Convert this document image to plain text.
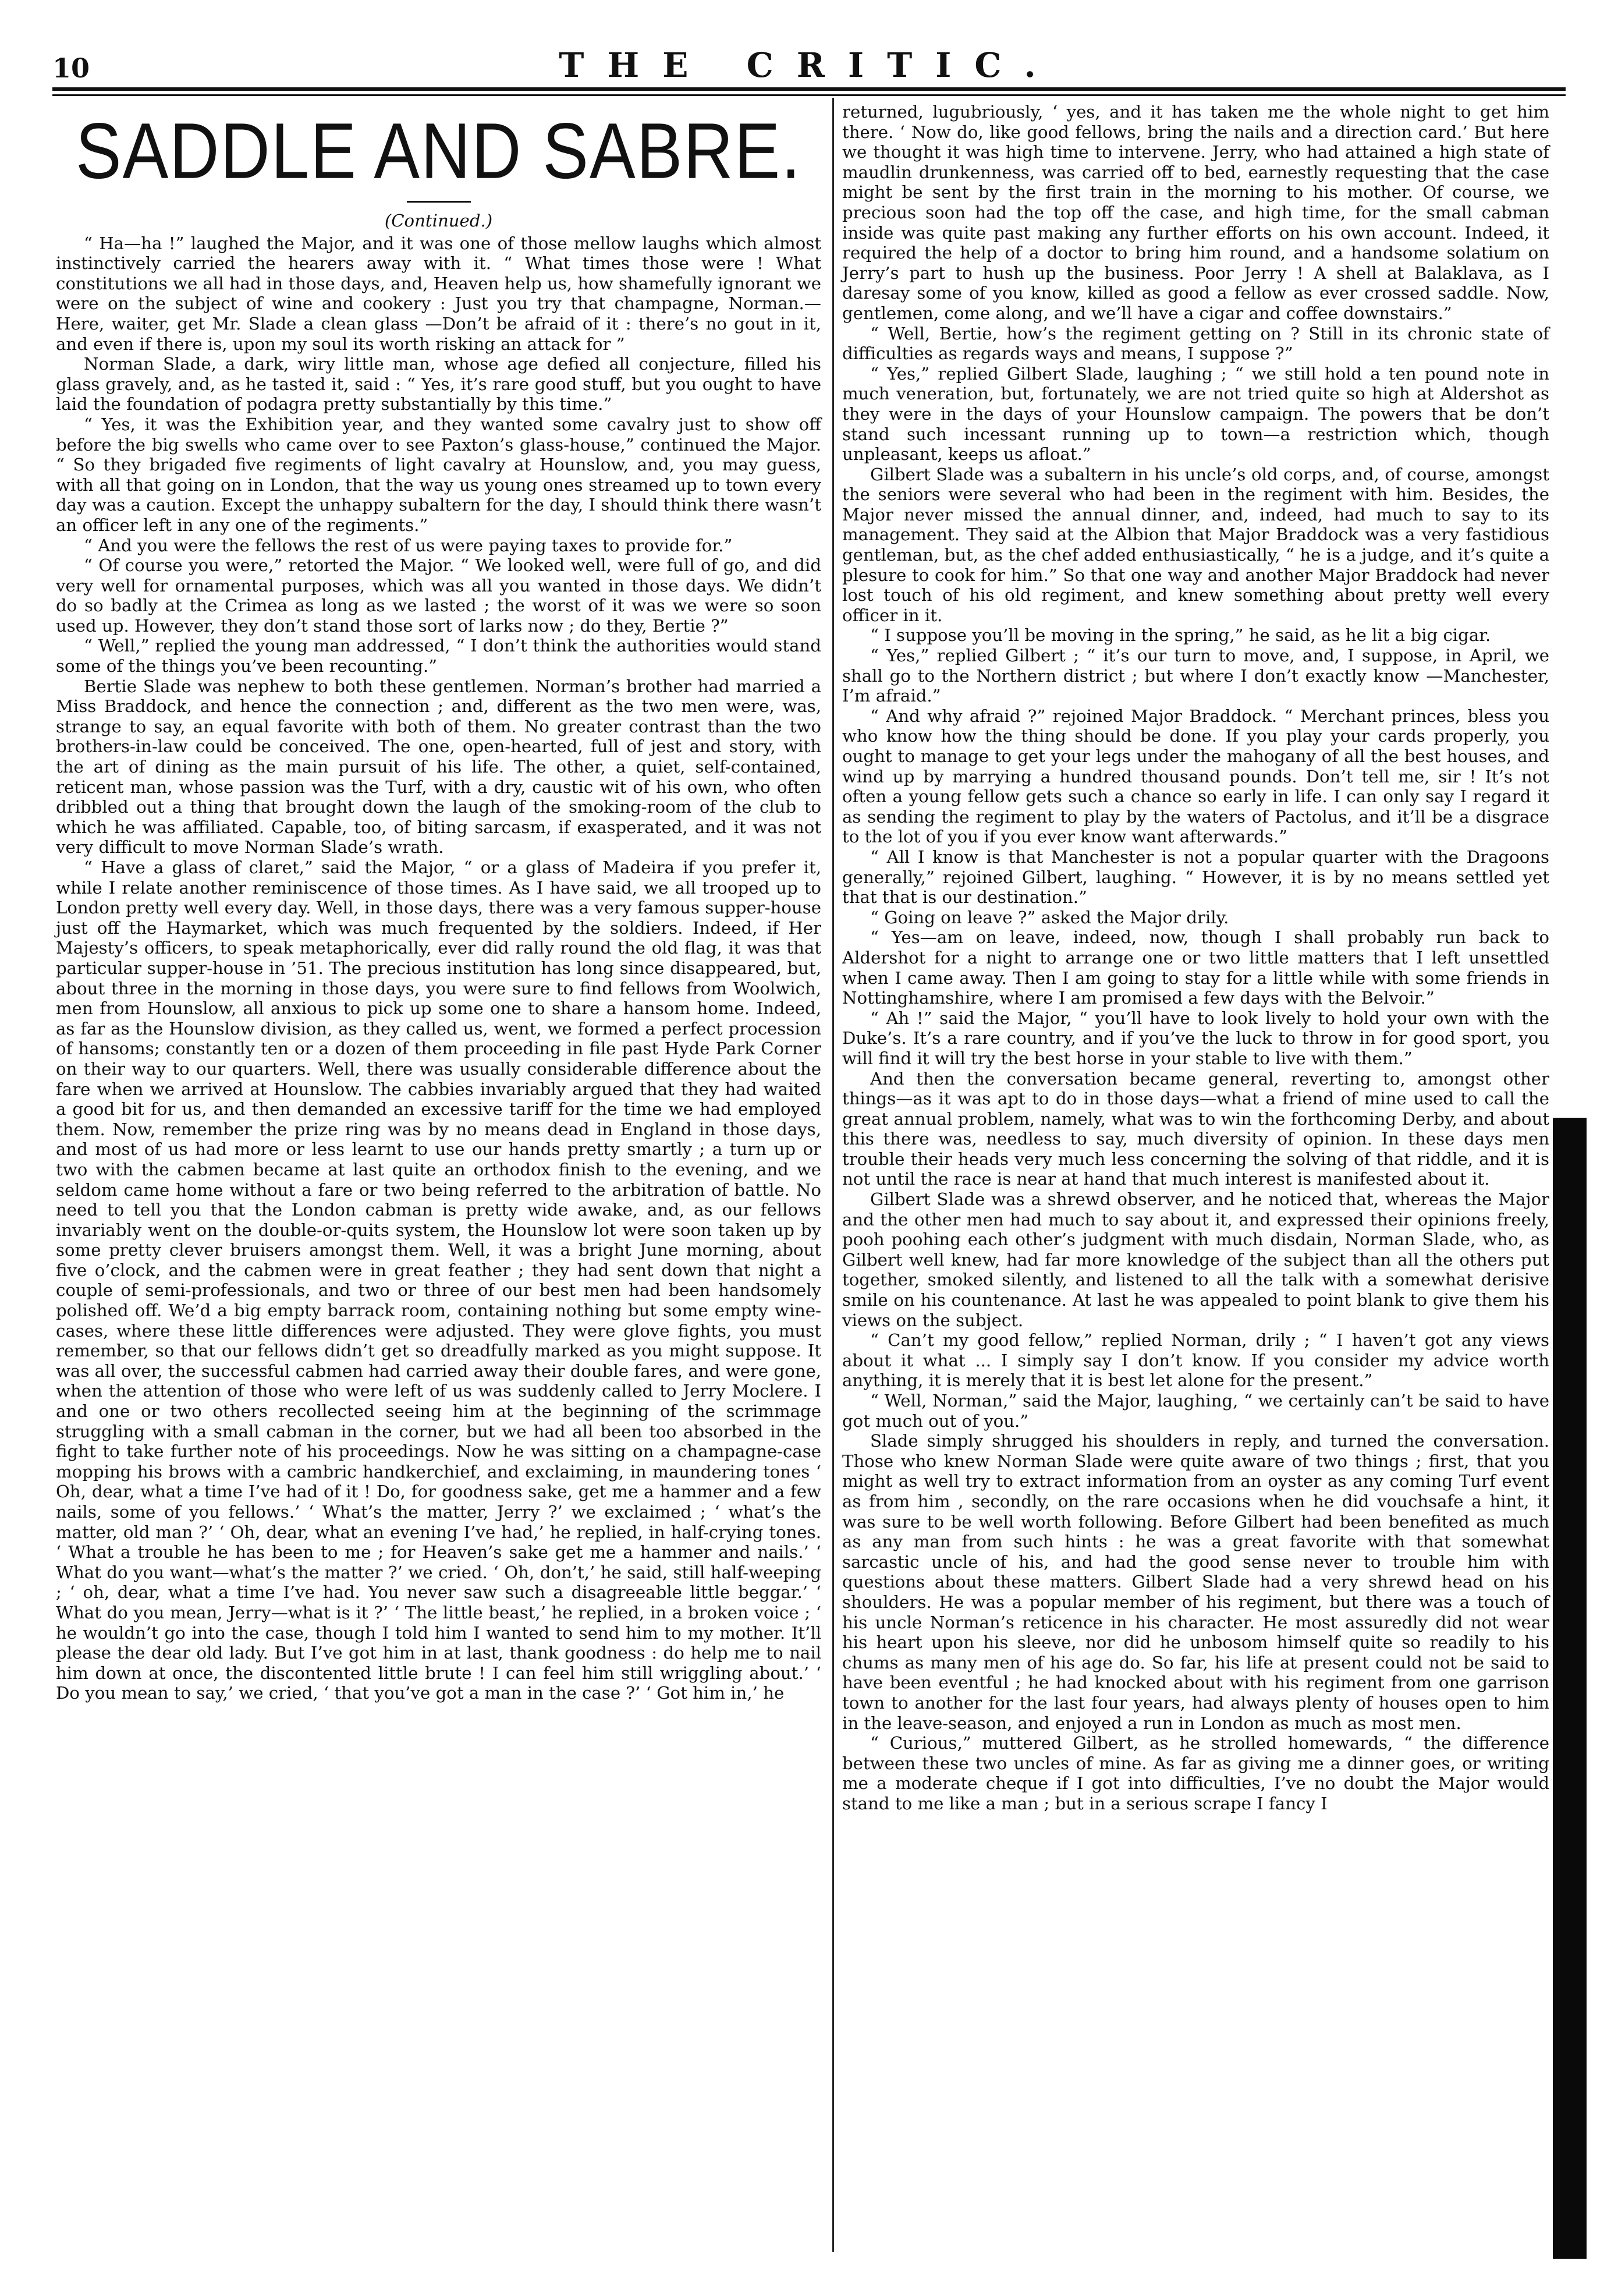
10	THE CRITIC.
SADDLE AND SABRE.
(Continued.)

“ Ha—ha !” laughed the Major, and it was one of those mellow laughs which almost instinctively carried the hearers away with it. “ What times those were ! What constitutions we all had in those days, and, Heaven help us, how shamefully ignorant we were on the subject of wine and cookery : Just you try that champagne, Norman.— Here, waiter, get Mr. Slade a clean glass —Don’t be afraid of it : there’s no gout in it, and even if there is, upon my soul its worth risking an attack for ”

Norman Slade, a dark, wiry little man, whose age defied all conjecture, filled his glass gravely, and, as he tasted it, said : “ Yes, it’s rare good stuff, but you ought to have laid the foundation of podagra pretty substantially by this time.”

“ Yes, it was the Exhibition year, and they wanted some cavalry just to show off before the big swells who came over to see Paxton’s glass-house,” continued the Major. “ So they brigaded five regiments of light cavalry at Hounslow, and, you may guess, with all that going on in London, that the way us young ones streamed up to town every day was a caution. Except the unhappy subaltern for the day, I should think there wasn’t an officer left in any one of the regiments.”

“ And you were the fellows the rest of us were paying taxes to provide for.”

“ Of course you were,” retorted the Major. “ We looked well, were full of go, and did very well for ornamental purposes, which was all you wanted in those days. We didn’t do so badly at the Crimea as long as we lasted ; the worst of it was we were so soon used up. However, they don’t stand those sort of larks now ; do they, Bertie ?”

“ Well,” replied the young man addressed, “ I don’t think the authorities would stand some of the things you’ve been recounting.”

Bertie Slade was nephew to both these gentlemen. Norman’s brother had married a Miss Braddock, and hence the connection ; and, different as the two men were, was, strange to say, an equal favorite with both of them. No greater contrast than the two brothers-in-law could be conceived. The one, open-hearted, full of jest and story, with the art of dining as the main pursuit of his life. The other, a quiet, self-contained, reticent man, whose passion was the Turf, with a dry, caustic wit of his own, who often dribbled out a thing that brought down the laugh of the smoking-room of the club to which he was affiliated. Capable, too, of biting sarcasm, if exasperated, and it was not very difficult to move Norman Slade’s wrath.

“ Have a glass of claret,” said the Major, “ or a glass of Madeira if you prefer it, while I relate another reminiscence of those times. As I have said, we all trooped up to London pretty well every day. Well, in those days, there was a very famous supper-house just off the Haymarket, which was much frequented by the soldiers. Indeed, if Her Majesty’s officers, to speak metaphorically, ever did rally round the old flag, it was that particular supper-house in ’51. The precious institution has long since disappeared, but, about three in the morning in those days, you were sure to find fellows from Woolwich, men from Hounslow, all anxious to pick up some one to share a hansom home. Indeed, as far as the Hounslow division, as they called us, went, we formed a perfect procession of hansoms; constantly ten or a dozen of them proceeding in file past Hyde Park Corner on their way to our quarters. Well, there was usually considerable difference about the fare when we arrived at Hounslow. The cabbies invariably argued that they had waited a good bit for us, and then demanded an excessive tariff for the time we had employed them. Now, remember the prize ring was by no means dead in England in those days, and most of us had more or less learnt to use our hands pretty smartly ; a turn up or two with the cabmen became at last quite an orthodox finish to the evening, and we seldom came home without a fare or two being referred to the arbitration of battle. No need to tell you that the London cabman is pretty wide awake, and, as our fellows invariably went on the double-or-quits system, the Hounslow lot were soon taken up by some pretty clever bruisers amongst them. Well, it was a bright June morning, about five o’clock, and the cabmen were in great feather ; they had sent down that night a couple of semi-professionals, and two or three of our best men had been handsomely polished off. We’d a big empty barrack room, containing nothing but some empty wine-cases, where these little differences were adjusted. They were glove fights, you must remember, so that our fellows didn’t get so dreadfully marked as you might suppose. It was all over, the successful cabmen had carried away their double fares, and were gone, when the attention of those who were left of us was suddenly called to Jerry Moclere. I and one or two others recollected seeing him at the beginning of the scrimmage struggling with a small cabman in the corner, but we had all been too absorbed in the fight to take further note of his proceedings. Now he was sitting on a champagne-case mopping his brows with a cambric handkerchief, and exclaiming, in maundering tones ‘ Oh, dear, what a time I’ve had of it ! Do, for goodness sake, get me a hammer and a few nails, some of you fellows.’ ‘ What’s the matter, Jerry ?’ we exclaimed ; ‘ what’s the matter, old man ?’ ‘ Oh, dear, what an evening I’ve had,’ he replied, in half-crying tones. ‘ What a trouble he has been to me ; for Heaven’s sake get me a hammer and nails.’ ‘ What do you want—what’s the matter ?’ we cried. ‘ Oh, don’t,’ he said, still half-weeping ; ‘ oh, dear, what a time I’ve had. You never saw such a disagreeable little beggar.’ ‘ What do you mean, Jerry—what is it ?’ ‘ The little beast,’ he replied, in a broken voice ; ‘ he wouldn’t go into the case, though I told him I wanted to send him to my mother. It’ll please the dear old lady. But I’ve got him in at last, thank goodness : do help me to nail him down at once, the discontented little brute ! I can feel him still wriggling about.’ ‘ Do you mean to say,’ we cried, ‘ that you’ve got a man in the case ?’ ‘ Got him in,’ he

returned, lugubriously, ‘ yes, and it has taken me the whole night to get him there. ‘ Now do, like good fellows, bring the nails and a direction card.’ But here we thought it was high time to intervene. Jerry, who had attained a high state of maudlin drunkenness, was carried off to bed, earnestly requesting that the case might be sent by the first train in the morning to his mother. Of course, we precious soon had the top off the case, and high time, for the small cabman inside was quite past making any further efforts on his own account. Indeed, it required the help of a doctor to bring him round, and a handsome solatium on Jerry’s part to hush up the business. Poor Jerry ! A shell at Balaklava, as I daresay some of you know, killed as good a fellow as ever crossed saddle. Now, gentlemen, come along, and we’ll have a cigar and coffee downstairs.”

“ Well, Bertie, how’s the regiment getting on ? Still in its chronic state of difficulties as regards ways and means, I suppose ?”

“ Yes,” replied Gilbert Slade, laughing ; “ we still hold a ten pound note in much veneration, but, fortunately, we are not tried quite so high at Aldershot as they were in the days of your Hounslow campaign. The powers that be don’t stand such incessant running up to town—a restriction which, though unpleasant, keeps us afloat.”

Gilbert Slade was a subaltern in his uncle’s old corps, and, of course, amongst the seniors were several who had been in the regiment with him. Besides, the Major never missed the annual dinner, and, indeed, had much to say to its management. They said at the Albion that Major Braddock was a very fastidious gentleman, but, as the chef added enthusiastically, “ he is a judge, and it’s quite a plesure to cook for him.” So that one way and another Major Braddock had never lost touch of his old regiment, and knew something about pretty well every officer in it.

“ I suppose you’ll be moving in the spring,” he said, as he lit a big cigar.

“ Yes,” replied Gilbert ; “ it’s our turn to move, and, I suppose, in April, we shall go to the Northern district ; but where I don’t exactly know —Manchester, I’m afraid.”

“ And why afraid ?” rejoined Major Braddock. “ Merchant princes, bless you who know how the thing should be done. If you play your cards properly, you ought to manage to get your legs under the mahogany of all the best houses, and wind up by marrying a hundred thousand pounds. Don’t tell me, sir ! It’s not often a young fellow gets such a chance so early in life. I can only say I regard it as sending the regiment to play by the waters of Pactolus, and it’ll be a disgrace to the lot of you if you ever know want afterwards.”

“ All I know is that Manchester is not a popular quarter with the Dragoons generally,” rejoined Gilbert, laughing. “ However, it is by no means settled yet that that is our destination.”

“ Going on leave ?” asked the Major drily.

“ Yes—am on leave, indeed, now, though I shall probably run back to Aldershot for a night to arrange one or two little matters that I left unsettled when I came away. Then I am going to stay for a little while with some friends in Nottinghamshire, where I am promised a few days with the Belvoir.”

“ Ah !” said the Major, “ you’ll have to look lively to hold your own with the Duke’s. It’s a rare country, and if you’ve the luck to throw in for good sport, you will find it will try the best horse in your stable to live with them.”

And then the conversation became general, reverting to, amongst other things—as it was apt to do in those days—what a friend of mine used to call the great annual problem, namely, what was to win the forthcoming Derby, and about this there was, needless to say, much diversity of opinion. In these days men trouble their heads very much less concerning the solving of that riddle, and it is not until the race is near at hand that much interest is manifested about it.

Gilbert Slade was a shrewd observer, and he noticed that, whereas the Major and the other men had much to say about it, and expressed their opinions freely, pooh poohing each other’s judgment with much disdain, Norman Slade, who, as Gilbert well knew, had far more knowledge of the subject than all the others put together, smoked silently, and listened to all the talk with a somewhat derisive smile on his countenance. At last he was appealed to point blank to give them his views on the subject.

“ Can’t my good fellow,” replied Norman, drily ; “ I haven’t got any views about it what ... I simply say I don’t know. If you consider my advice worth anything, it is merely that it is best let alone for the present.”

“ Well, Norman,” said the Major, laughing, “ we certainly can’t be said to have got much out of you.”

Slade simply shrugged his shoulders in reply, and turned the conversation. Those who knew Norman Slade were quite aware of two things ; first, that you might as well try to extract information from an oyster as any coming Turf event as from him , secondly, on the rare occasions when he did vouchsafe a hint, it was sure to be well worth following. Before Gilbert had been benefited as much as any man from such hints : he was a great favorite with that somewhat sarcastic uncle of his, and had the good sense never to trouble him with questions about these matters. Gilbert Slade had a very shrewd head on his shoulders. He was a popular member of his regiment, but there was a touch of his uncle Norman’s reticence in his character. He most assuredly did not wear his heart upon his sleeve, nor did he unbosom himself quite so readily to his chums as many men of his age do. So far, his life at present could not be said to have been eventful ; he had knocked about with his regiment from one garrison town to another for the last four years, had always plenty of houses open to him in the leave-season, and enjoyed a run in London as much as most men.

“ Curious,” muttered Gilbert, as he strolled homewards, “ the difference between these two uncles of mine. As far as giving me a dinner goes, or writing me a moderate cheque if I got into difficulties, I’ve no doubt the Major would stand to me like a man ; but in a serious scrape I fancy I
